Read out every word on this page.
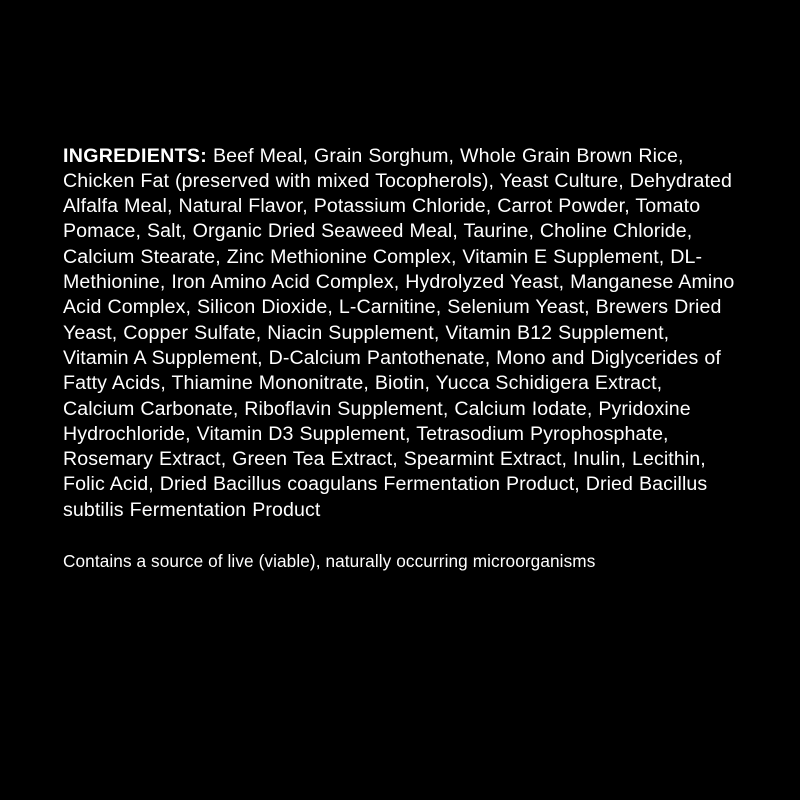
INGREDIENTS: Beef Meal, Grain Sorghum, Whole Grain Brown Rice, Chicken Fat (preserved with mixed Tocopherols), Yeast Culture, Dehydrated Alfalfa Meal, Natural Flavor, Potassium Chloride, Carrot Powder, Tomato Pomace, Salt, Organic Dried Seaweed Meal, Taurine, Choline Chloride, Calcium Stearate, Zinc Methionine Complex, Vitamin E Supplement, DL-Methionine, Iron Amino Acid Complex, Hydrolyzed Yeast, Manganese Amino Acid Complex, Silicon Dioxide, L-Carnitine, Selenium Yeast, Brewers Dried Yeast, Copper Sulfate, Niacin Supplement, Vitamin B12 Supplement, Vitamin A Supplement, D-Calcium Pantothenate, Mono and Diglycerides of Fatty Acids, Thiamine Mononitrate, Biotin, Yucca Schidigera Extract, Calcium Carbonate, Riboflavin Supplement, Calcium Iodate, Pyridoxine Hydrochloride, Vitamin D3 Supplement, Tetrasodium Pyrophosphate, Rosemary Extract, Green Tea Extract, Spearmint Extract, Inulin, Lecithin, Folic Acid, Dried Bacillus coagulans Fermentation Product, Dried Bacillus subtilis Fermentation Product

Contains a source of live (viable), naturally occurring microorganisms
